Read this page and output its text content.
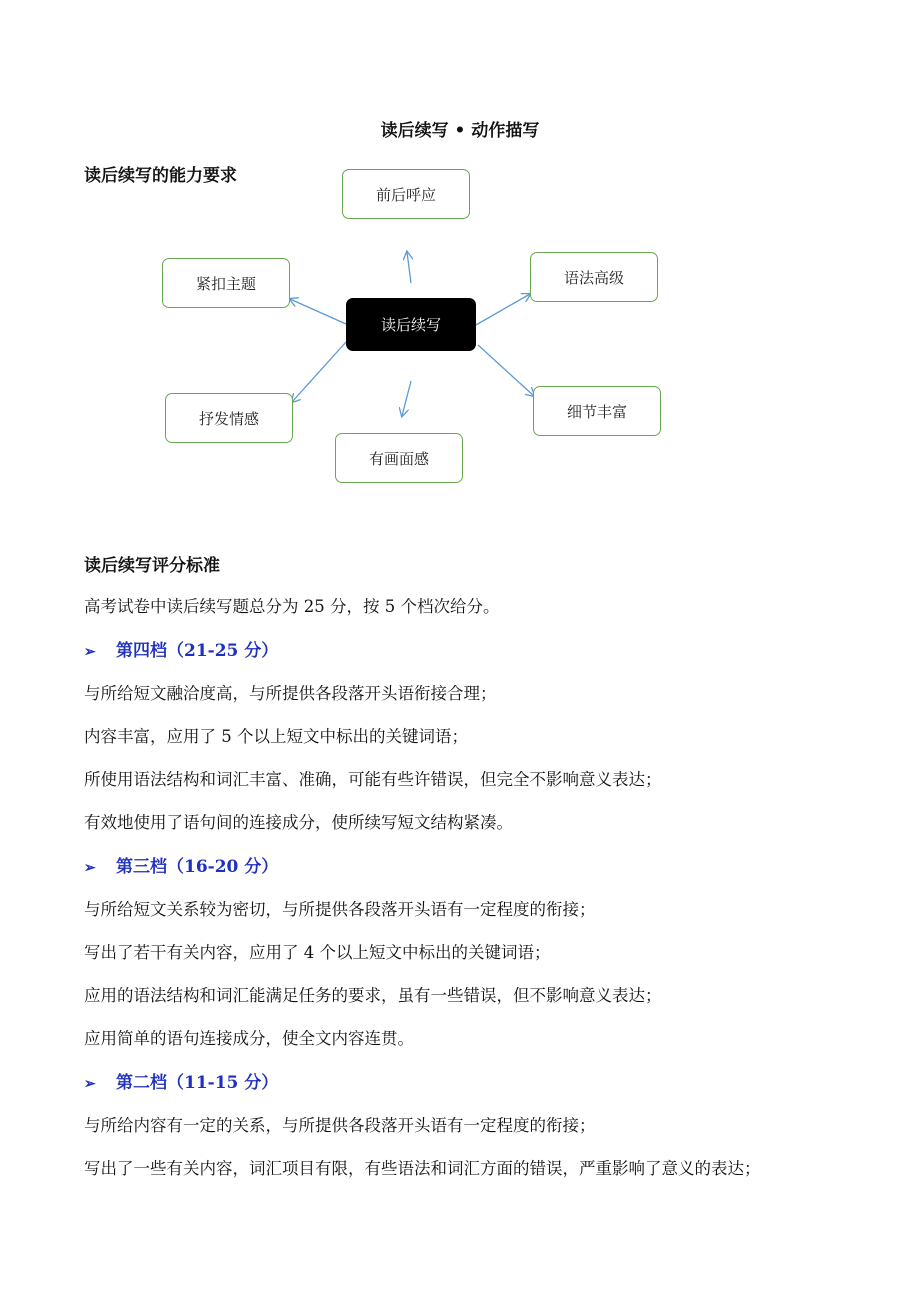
读后续写 • 动作描写
读后续写的能力要求
读后续写
前后呼应
紧扣主题	语法高级
抒发情感	细节丰富
有画面感
读后续写评分标准
高考试卷中读后续写题总分为 25 分，按 5 个档次给分。
➢ 第四档（21-25 分）
与所给短文融洽度高，与所提供各段落开头语衔接合理；
内容丰富，应用了 5 个以上短文中标出的关键词语；
所使用语法结构和词汇丰富、准确，可能有些许错误，但完全不影响意义表达；
有效地使用了语句间的连接成分，使所续写短文结构紧凑。
➢ 第三档（16-20 分）
与所给短文关系较为密切，与所提供各段落开头语有一定程度的衔接；
写出了若干有关内容，应用了 4 个以上短文中标出的关键词语；
应用的语法结构和词汇能满足任务的要求，虽有一些错误，但不影响意义表达；
应用简单的语句连接成分，使全文内容连贯。
➢ 第二档（11-15 分）
与所给内容有一定的关系，与所提供各段落开头语有一定程度的衔接；
写出了一些有关内容，词汇项目有限，有些语法和词汇方面的错误，严重影响了意义的表达；
